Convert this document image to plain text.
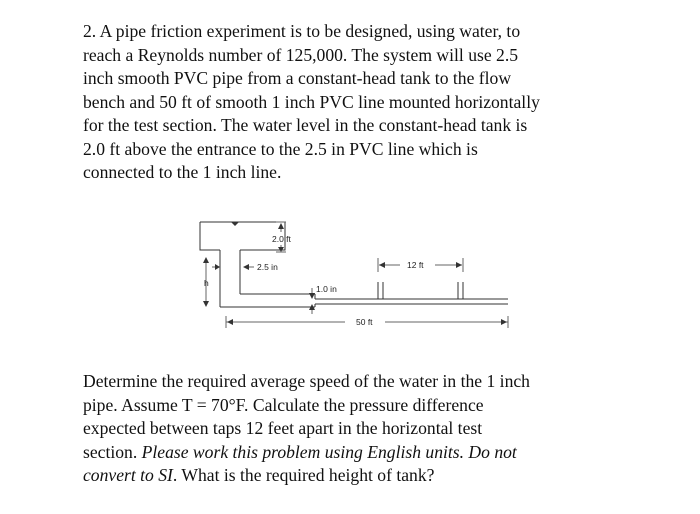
2. A pipe friction experiment is to be designed, using water, to
reach a Reynolds number of 125,000. The system will use 2.5
inch smooth PVC pipe from a constant-head tank to the flow
bench and 50 ft of smooth 1 inch PVC line mounted horizontally
for the test section. The water level in the constant-head tank is
2.0 ft above the entrance to the 2.5 in PVC line which is
connected to the 1 inch line.
2.0 ft
2.5 in
h
12 ft
1.0 in
50 ft
Determine the required average speed of the water in the 1 inch
pipe. Assume T = 70°F. Calculate the pressure difference
expected between taps 12 feet apart in the horizontal test
section. Please work this problem using English units. Do not
convert to SI. What is the required height of tank?
